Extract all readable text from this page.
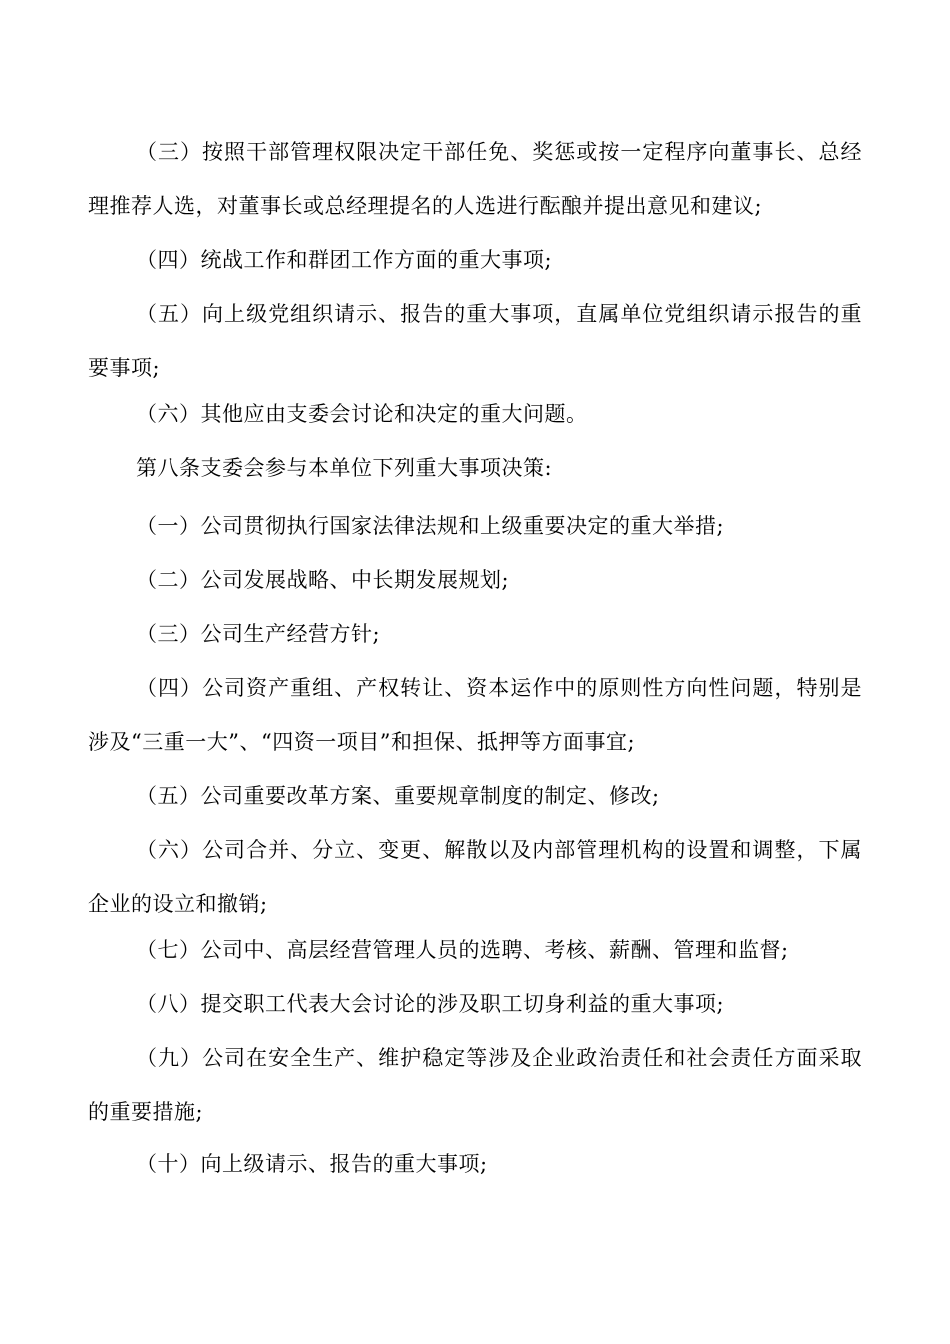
（三）按照干部管理权限决定干部任免、奖惩或按一定程序向董事长、总经理推荐人选，对董事长或总经理提名的人选进行酝酿并提出意见和建议;

（四）统战工作和群团工作方面的重大事项;

（五）向上级党组织请示、报告的重大事项，直属单位党组织请示报告的重要事项;

（六）其他应由支委会讨论和决定的重大问题。

第八条支委会参与本单位下列重大事项决策:

（一）公司贯彻执行国家法律法规和上级重要决定的重大举措;

（二）公司发展战略、中长期发展规划;

（三）公司生产经营方针;

（四）公司资产重组、产权转让、资本运作中的原则性方向性问题，特别是涉及“三重一大”、“四资一项目”和担保、抵押等方面事宜;

（五）公司重要改革方案、重要规章制度的制定、修改;

（六）公司合并、分立、变更、解散以及内部管理机构的设置和调整，下属企业的设立和撤销;

（七）公司中、高层经营管理人员的选聘、考核、薪酬、管理和监督;

（八）提交职工代表大会讨论的涉及职工切身利益的重大事项;

（九）公司在安全生产、维护稳定等涉及企业政治责任和社会责任方面采取的重要措施;

（十）向上级请示、报告的重大事项;
